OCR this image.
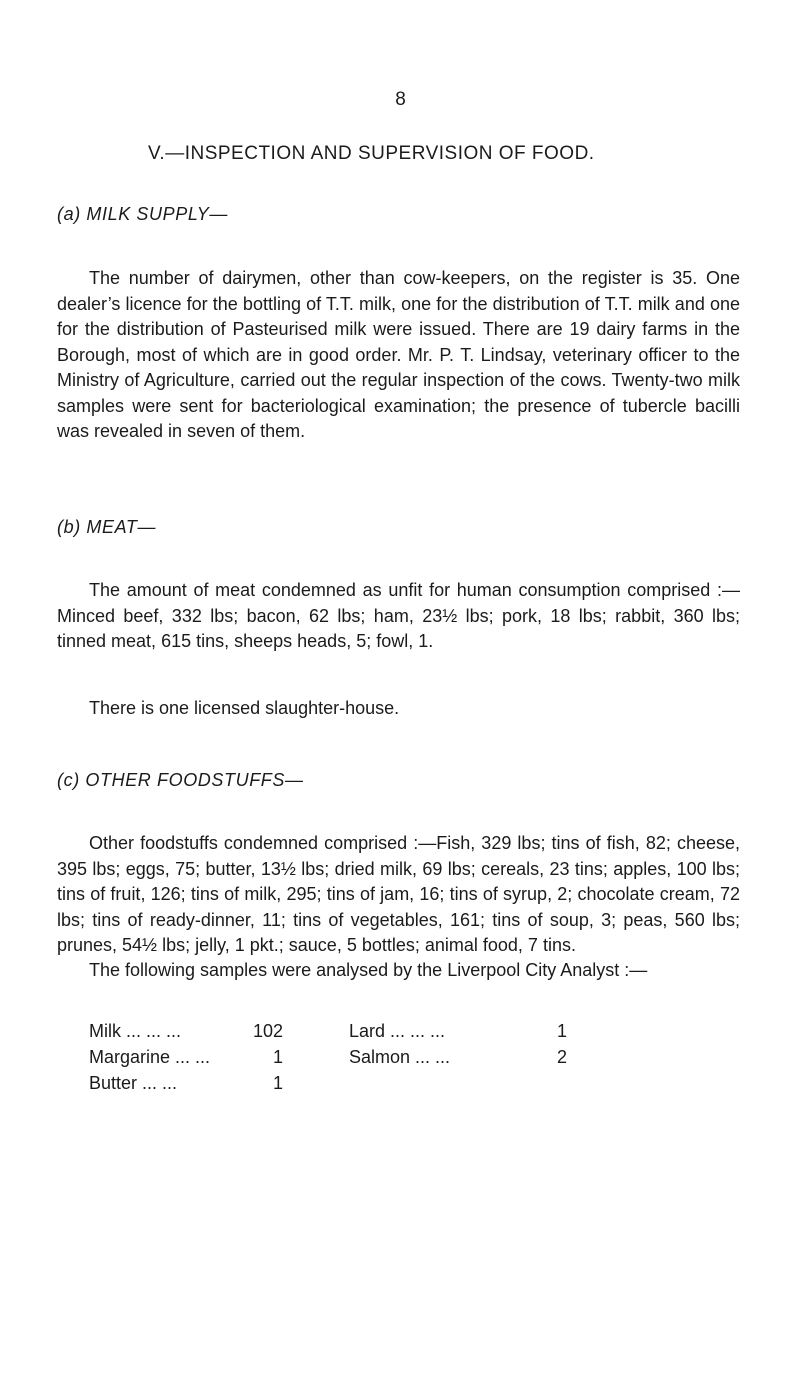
8
V.—INSPECTION AND SUPERVISION OF FOOD.
(a) MILK SUPPLY—

The number of dairymen, other than cow-keepers, on the register is 35. One dealer’s licence for the bottling of T.T. milk, one for the distribution of T.T. milk and one for the distribution of Pasteurised milk were issued. There are 19 dairy farms in the Borough, most of which are in good order. Mr. P. T. Lindsay, veterinary officer to the Ministry of Agriculture, carried out the regular inspection of the cows. Twenty-two milk samples were sent for bacteriological examination; the presence of tubercle bacilli was revealed in seven of them.

(b) MEAT—

The amount of meat condemned as unfit for human consumption comprised :—Minced beef, 332 lbs; bacon, 62 lbs; ham, 23½ lbs; pork, 18 lbs; rabbit, 360 lbs; tinned meat, 615 tins, sheeps heads, 5; fowl, 1.

There is one licensed slaughter-house.
(c) OTHER FOODSTUFFS—

Other foodstuffs condemned comprised :—Fish, 329 lbs; tins of fish, 82; cheese, 395 lbs; eggs, 75; butter, 13½ lbs; dried milk, 69 lbs; cereals, 23 tins; apples, 100 lbs; tins of fruit, 126; tins of milk, 295; tins of jam, 16; tins of syrup, 2; chocolate cream, 72 lbs; tins of ready-dinner, 11; tins of vegetables, 161; tins of soup, 3; peas, 560 lbs; prunes, 54½ lbs; jelly, 1 pkt.; sauce, 5 bottles; animal food, 7 tins.

The following samples were analysed by the Liverpool City Analyst :—

Milk ... ... ...	102		Lard ... ... ...	1
Margarine ... ...	1		Salmon ... ...	2
Butter ... ...	1			
